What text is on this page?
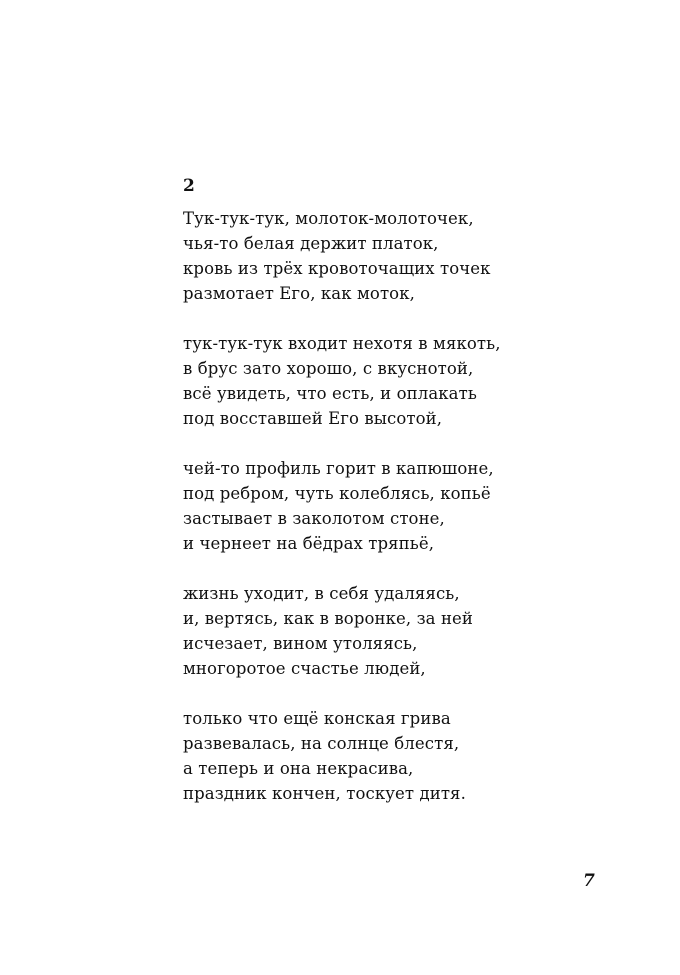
2

Тук-тук-тук, молоток-молоточек,
чья-то белая держит платок,
кровь из трёх кровоточащих точек
размотает Его, как моток,
тук-тук-тук входит нехотя в мякоть,
в брус зато хорошо, с вкуснотой,
всё увидеть, что есть, и оплакать
под восставшей Его высотой,
чей-то профиль горит в капюшоне,
под ребром, чуть колеблясь, копьё
застывает в заколотом стоне,
и чернеет на бёдрах тряпьё,
жизнь уходит, в себя удаляясь,
и, вертясь, как в воронке, за ней
исчезает, вином утоляясь,
многоротое счастье людей,
только что ещё конская грива
развевалась, на солнце блестя,
а теперь и она некрасива,
праздник кончен, тоскует дитя.

7
